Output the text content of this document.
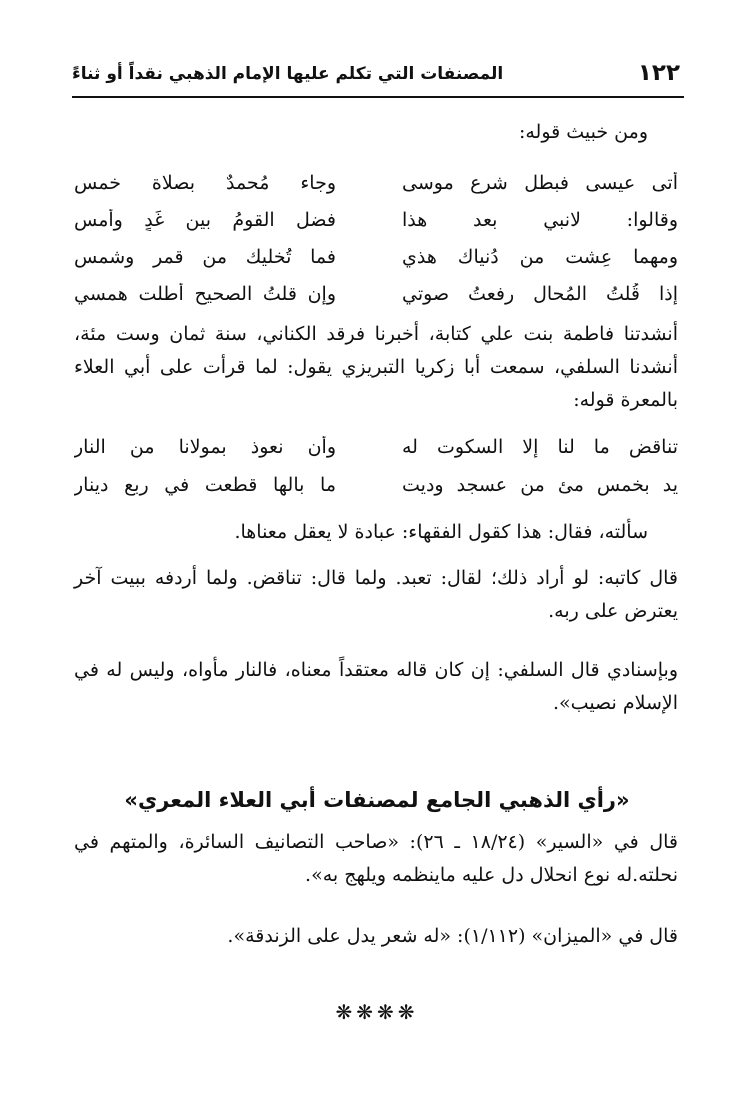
١٢٢
المصنفات التي تكلم عليها الإمام الذهبي نقداً أو ثناءً
ومن خبيث قوله:
أتى عيسى فبطل شرع موسى
وجاء مُحمدٌ بصلاة خمس
وقالوا: لانبي بعد هذا
فضل القومُ بين غَدٍ وأمسِ
ومهما عِشت من دُنياك هذي
فما تُخليك من قمر وشمس
إذا قُلتُ المُحال رفعتُ صوتي
وإن قلتُ الصحيح أطلت همسي
أنشدتنا فاطمة بنت علي كتابة، أخبرنا فرقد الكناني، سنة ثمان وست مئة، أنشدنا السلفي، سمعت أبا زكريا التبريزي يقول: لما قرأت على أبي العلاء بالمعرة قوله:
تناقض ما لنا إلا السكوت له
وأن نعوذ بمولانا من النار
يد بخمس مئ من عسجد وديت
ما بالها قطعت في ربع دينار
سألته، فقال: هذا كقول الفقهاء: عبادة لا يعقل معناها.
قال كاتبه: لو أراد ذلك؛ لقال: تعبد. ولما قال: تناقض. ولما أردفه ببيت آخر يعترض على ربه.
وبإسنادي قال السلفي: إن كان قاله معتقداً معناه، فالنار مأواه، وليس له في الإسلام نصيب».
«رأي الذهبي الجامع لمصنفات أبي العلاء المعري»
قال في «السير» (١٨/٢٤ ـ ٢٦): «صاحب التصانيف السائرة، والمتهم في نحلته.له نوع انحلال دل عليه ماينظمه ويلهج به».
قال في «الميزان» (١/١١٢): «له شعر يدل على الزندقة».
❋❋❋❋
